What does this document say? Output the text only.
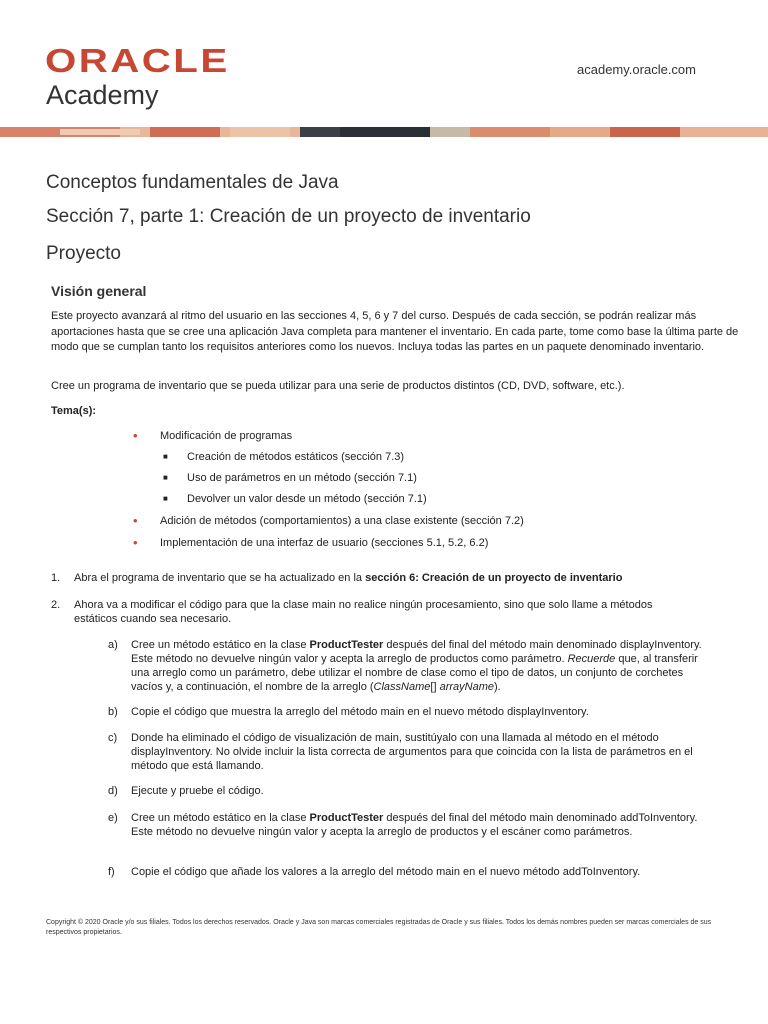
ORACLE
Academy
academy.oracle.com
Conceptos fundamentales de Java
Sección 7, parte 1: Creación de un proyecto de inventario
Proyecto
Visión general
Este proyecto avanzará al ritmo del usuario en las secciones 4, 5, 6 y 7 del curso. Después de cada sección, se podrán realizar más aportaciones hasta que se cree una aplicación Java completa para mantener el inventario. En cada parte, tome como base la última parte de modo que se cumplan tanto los requisitos anteriores como los nuevos. Incluya todas las partes en un paquete denominado inventario.
Cree un programa de inventario que se pueda utilizar para una serie de productos distintos (CD, DVD, software, etc.).
Tema(s):
• Modificación de programas
■ Creación de métodos estáticos (sección 7.3)
■ Uso de parámetros en un método (sección 7.1)
■ Devolver un valor desde un método (sección 7.1)
• Adición de métodos (comportamientos) a una clase existente (sección 7.2)
• Implementación de una interfaz de usuario (secciones 5.1, 5.2, 6.2)
1. Abra el programa de inventario que se ha actualizado en la sección 6: Creación de un proyecto de inventario
2. Ahora va a modificar el código para que la clase main no realice ningún procesamiento, sino que solo llame a métodos estáticos cuando sea necesario.
a) Cree un método estático en la clase ProductTester después del final del método main denominado displayInventory. Este método no devuelve ningún valor y acepta la arreglo de productos como parámetro. Recuerde que, al transferir una arreglo como un parámetro, debe utilizar el nombre de clase como el tipo de datos, un conjunto de corchetes vacíos y, a continuación, el nombre de la arreglo (ClassName[] arrayName).
b) Copie el código que muestra la arreglo del método main en el nuevo método displayInventory.
c) Donde ha eliminado el código de visualización de main, sustitúyalo con una llamada al método en el método displayInventory. No olvide incluir la lista correcta de argumentos para que coincida con la lista de parámetros en el método que está llamando.
d) Ejecute y pruebe el código.
e) Cree un método estático en la clase ProductTester después del final del método main denominado addToInventory. Este método no devuelve ningún valor y acepta la arreglo de productos y el escáner como parámetros.
f) Copie el código que añade los valores a la arreglo del método main en el nuevo método addToInventory.
Copyright © 2020 Oracle y/o sus filiales. Todos los derechos reservados. Oracle y Java son marcas comerciales registradas de Oracle y sus filiales. Todos los demás nombres pueden ser marcas comerciales de sus respectivos propietarios.
